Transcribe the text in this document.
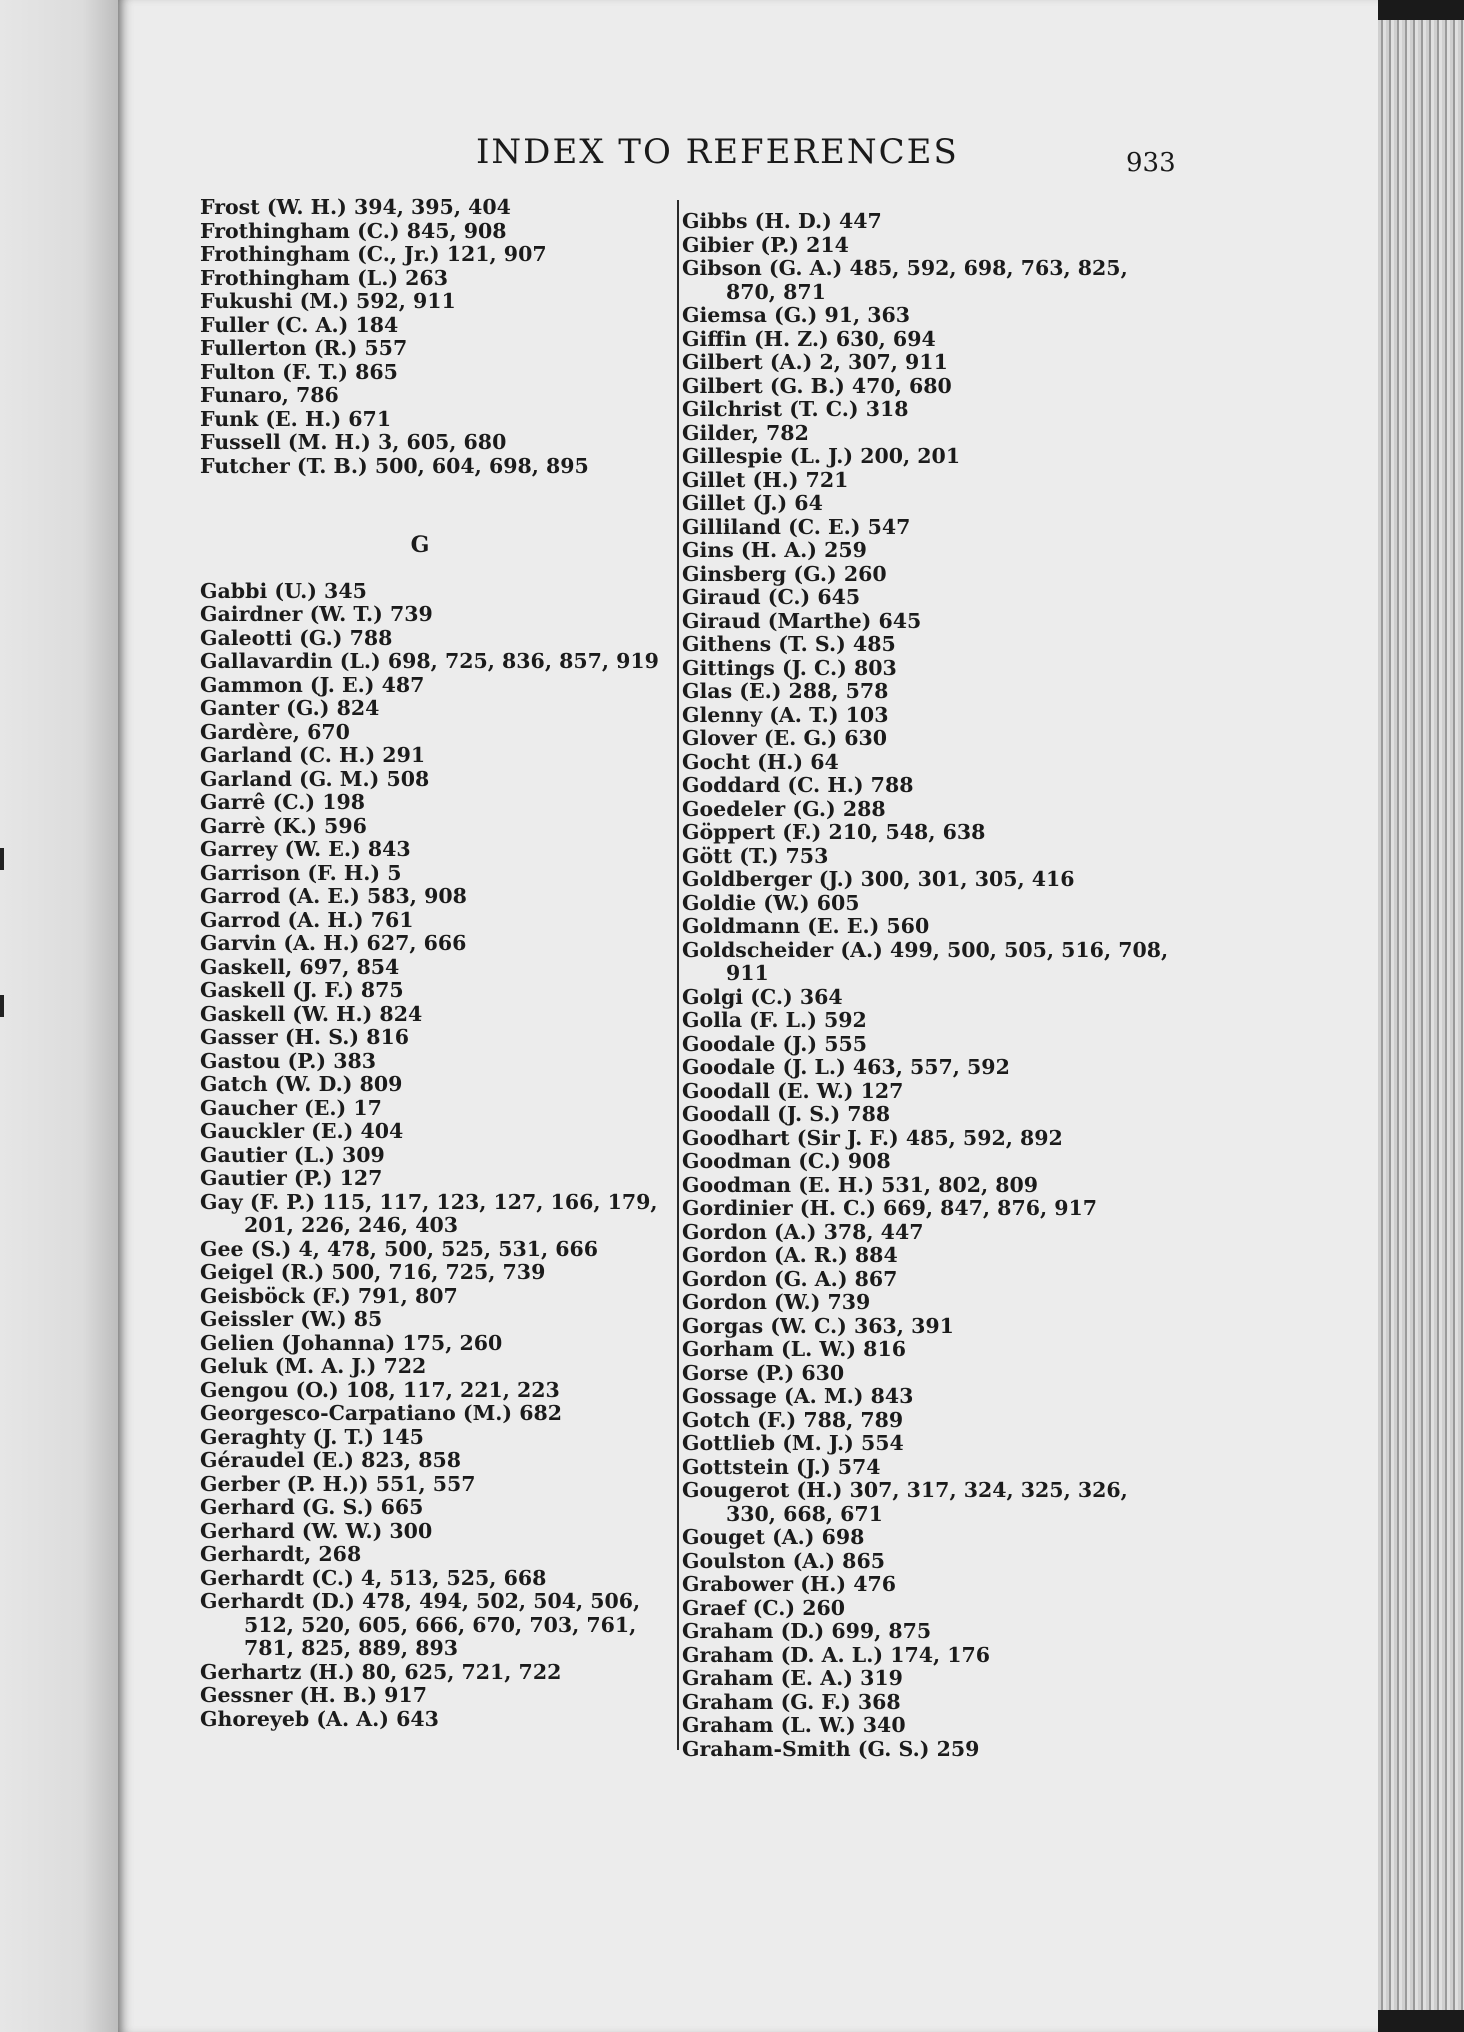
INDEX TO REFERENCES	933
Frost (W. H.) 394, 395, 404
Frothingham (C.) 845, 908
Frothingham (C., Jr.) 121, 907
Frothingham (L.) 263
Fukushi (M.) 592, 911
Fuller (C. A.) 184
Fullerton (R.) 557
Fulton (F. T.) 865
Funaro, 786
Funk (E. H.) 671
Fussell (M. H.) 3, 605, 680
Futcher (T. B.) 500, 604, 698, 895
G
Gabbi (U.) 345
Gairdner (W. T.) 739
Galeotti (G.) 788
Gallavardin (L.) 698, 725, 836, 857, 919
Gammon (J. E.) 487
Ganter (G.) 824
Gardère, 670
Garland (C. H.) 291
Garland (G. M.) 508
Garrê (C.) 198
Garrè (K.) 596
Garrey (W. E.) 843
Garrison (F. H.) 5
Garrod (A. E.) 583, 908
Garrod (A. H.) 761
Garvin (A. H.) 627, 666
Gaskell, 697, 854
Gaskell (J. F.) 875
Gaskell (W. H.) 824
Gasser (H. S.) 816
Gastou (P.) 383
Gatch (W. D.) 809
Gaucher (E.) 17
Gauckler (E.) 404
Gautier (L.) 309
Gautier (P.) 127
Gay (F. P.) 115, 117, 123, 127, 166, 179, 201, 226, 246, 403
Gee (S.) 4, 478, 500, 525, 531, 666
Geigel (R.) 500, 716, 725, 739
Geisböck (F.) 791, 807
Geissler (W.) 85
Gelien (Johanna) 175, 260
Geluk (M. A. J.) 722
Gengou (O.) 108, 117, 221, 223
Georgesco-Carpatiano (M.) 682
Geraghty (J. T.) 145
Géraudel (E.) 823, 858
Gerber (P. H.)) 551, 557
Gerhard (G. S.) 665
Gerhard (W. W.) 300
Gerhardt, 268
Gerhardt (C.) 4, 513, 525, 668
Gerhardt (D.) 478, 494, 502, 504, 506, 512, 520, 605, 666, 670, 703, 761, 781, 825, 889, 893
Gerhartz (H.) 80, 625, 721, 722
Gessner (H. B.) 917
Ghoreyeb (A. A.) 643
Gibbs (H. D.) 447
Gibier (P.) 214
Gibson (G. A.) 485, 592, 698, 763, 825, 870, 871
Giemsa (G.) 91, 363
Giffin (H. Z.) 630, 694
Gilbert (A.) 2, 307, 911
Gilbert (G. B.) 470, 680
Gilchrist (T. C.) 318
Gilder, 782
Gillespie (L. J.) 200, 201
Gillet (H.) 721
Gillet (J.) 64
Gilliland (C. E.) 547
Gins (H. A.) 259
Ginsberg (G.) 260
Giraud (C.) 645
Giraud (Marthe) 645
Githens (T. S.) 485
Gittings (J. C.) 803
Glas (E.) 288, 578
Glenny (A. T.) 103
Glover (E. G.) 630
Gocht (H.) 64
Goddard (C. H.) 788
Goedeler (G.) 288
Göppert (F.) 210, 548, 638
Gött (T.) 753
Goldberger (J.) 300, 301, 305, 416
Goldie (W.) 605
Goldmann (E. E.) 560
Goldscheider (A.) 499, 500, 505, 516, 708, 911
Golgi (C.) 364
Golla (F. L.) 592
Goodale (J.) 555
Goodale (J. L.) 463, 557, 592
Goodall (E. W.) 127
Goodall (J. S.) 788
Goodhart (Sir J. F.) 485, 592, 892
Goodman (C.) 908
Goodman (E. H.) 531, 802, 809
Gordinier (H. C.) 669, 847, 876, 917
Gordon (A.) 378, 447
Gordon (A. R.) 884
Gordon (G. A.) 867
Gordon (W.) 739
Gorgas (W. C.) 363, 391
Gorham (L. W.) 816
Gorse (P.) 630
Gossage (A. M.) 843
Gotch (F.) 788, 789
Gottlieb (M. J.) 554
Gottstein (J.) 574
Gougerot (H.) 307, 317, 324, 325, 326, 330, 668, 671
Gouget (A.) 698
Goulston (A.) 865
Grabower (H.) 476
Graef (C.) 260
Graham (D.) 699, 875
Graham (D. A. L.) 174, 176
Graham (E. A.) 319
Graham (G. F.) 368
Graham (L. W.) 340
Graham-Smith (G. S.) 259
